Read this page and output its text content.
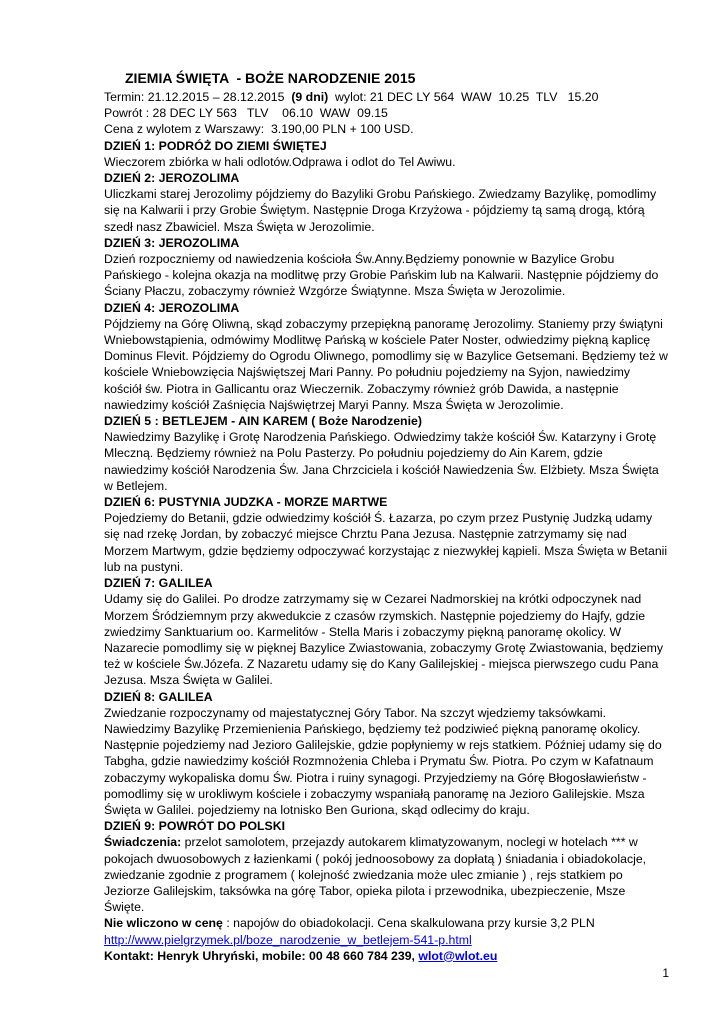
ZIEMIA ŚWIĘTA  - BOŻE NARODZENIE 2015
Termin: 21.12.2015 – 28.12.2015  (9 dni)  wylot: 21 DEC LY 564  WAW  10.25  TLV   15.20
Powrót : 28 DEC LY 563   TLV    06.10  WAW  09.15
Cena z wylotem z Warszawy:  3.190,00 PLN + 100 USD.
DZIEŃ 1: PODRÓŻ DO ZIEMI ŚWIĘTEJ

Wieczorem zbiórka w hali odlotów.Odprawa i odlot do Tel Awiwu.

DZIEŃ 2: JEROZOLIMA

Uliczkami starej Jerozolimy pójdziemy do Bazyliki Grobu Pańskiego. Zwiedzamy Bazylikę, pomodlimy się na Kalwarii i przy Grobie Świętym. Następnie Droga Krzyżowa - pójdziemy tą samą drogą, którą szedł nasz Zbawiciel. Msza Święta w Jerozolimie.

DZIEŃ 3: JEROZOLIMA

Dzień rozpoczniemy od nawiedzenia kościoła Św.Anny.Będziemy ponownie w Bazylice Grobu Pańskiego - kolejna okazja na modlitwę przy Grobie Pańskim lub na Kalwarii. Następnie pójdziemy do Ściany Płaczu, zobaczymy również Wzgórze Świątynne. Msza Święta w Jerozolimie.

DZIEŃ 4: JEROZOLIMA

Pójdziemy na Górę Oliwną, skąd zobaczymy przepiękną panoramę Jerozolimy. Staniemy przy świątyni Wniebowstąpienia, odmówimy Modlitwę Pańską w kościele Pater Noster, odwiedzimy piękną kaplicę Dominus Flevit. Pójdziemy do Ogrodu Oliwnego, pomodlimy się w Bazylice Getsemani. Będziemy też w kościele Wniebowzięcia Najświętszej Mari Panny. Po południu pojedziemy na Syjon, nawiedzimy kościół św. Piotra in Gallicantu oraz Wieczernik. Zobaczymy również grób Dawida, a następnie nawiedzimy kościół Zaśnięcia Najświętrzej Maryi Panny. Msza Święta w Jerozolimie.

DZIEŃ 5 : BETLEJEM - AIN KAREM ( Boże Narodzenie)

Nawiedzimy Bazylikę i Grotę Narodzenia Pańskiego. Odwiedzimy także kościół Św. Katarzyny i Grotę Mleczną. Będziemy również na Polu Pasterzy. Po południu pojedziemy do Ain Karem, gdzie nawiedzimy kościół Narodzenia Św. Jana Chrzciciela i kościół Nawiedzenia Św. Elżbiety. Msza Święta w Betlejem.

DZIEŃ 6: PUSTYNIA JUDZKA - MORZE MARTWE

Pojedziemy do Betanii, gdzie odwiedzimy kościół Ś. Łazarza, po czym przez Pustynię Judzką udamy się nad rzekę Jordan, by zobaczyć miejsce Chrztu Pana Jezusa. Następnie zatrzymamy się nad Morzem Martwym, gdzie będziemy odpoczywać korzystając z niezwykłej kąpieli. Msza Święta w Betanii lub na pustyni.

DZIEŃ 7: GALILEA

Udamy się do Galilei. Po drodze zatrzymamy się w Cezarei Nadmorskiej na krótki odpoczynek nad Morzem Śródziemnym przy akwedukcie z czasów rzymskich. Następnie pojedziemy do Hajfy, gdzie zwiedzimy Sanktuarium oo. Karmelitów - Stella Maris i zobaczymy piękną panoramę okolicy. W Nazarecie pomodlimy się w pięknej Bazylice Zwiastowania, zobaczymy Grotę Zwiastowania, będziemy też w kościele Św.Józefa. Z Nazaretu udamy się do Kany Galilejskiej - miejsca pierwszego cudu Pana Jezusa. Msza Święta w Galilei.

DZIEŃ 8: GALILEA

Zwiedzanie rozpoczynamy od majestatycznej Góry Tabor. Na szczyt wjedziemy taksówkami. Nawiedzimy Bazylikę Przemienienia Pańskiego, będziemy też podziwieć piękną panoramę okolicy. Następnie pojedziemy nad Jezioro Galilejskie, gdzie popłyniemy w rejs statkiem. Później udamy się do Tabgha, gdzie nawiedzimy kościół Rozmnożenia Chleba i Prymatu Św. Piotra. Po czym w Kafatnaum zobaczymy wykopaliska domu Św. Piotra i ruiny synagogi. Przyjedziemy na Górę Błogosławieństw - pomodlimy się w urokliwym kościele i zobaczymy wspaniałą panoramę na Jezioro Galilejskie. Msza Święta w Galilei. pojedziemy na lotnisko Ben Guriona, skąd odlecimy do kraju.

DZIEŃ 9: POWRÓT DO POLSKI
Świadczenia: przelot samolotem, przejazdy autokarem klimatyzowanym, noclegi w hotelach *** w pokojach dwuosobowych z łazienkami ( pokój jednoosobowy za dopłatą ) śniadania i obiadokolacje, zwiedzanie zgodnie z programem ( kolejność zwiedzania może ulec zmianie ) , rejs statkiem po Jeziorze Galilejskim, taksówka na górę Tabor, opieka pilota i przewodnika, ubezpieczenie, Msze Święte.
Nie wliczono w cenę : napojów do obiadokolacji. Cena skalkulowana przy kursie 3,2 PLN
http://www.pielgrzymek.pl/boze_narodzenie_w_betlejem-541-p.html
Kontakt: Henryk Uhryński, mobile: 00 48 660 784 239, wlot@wlot.eu
1
